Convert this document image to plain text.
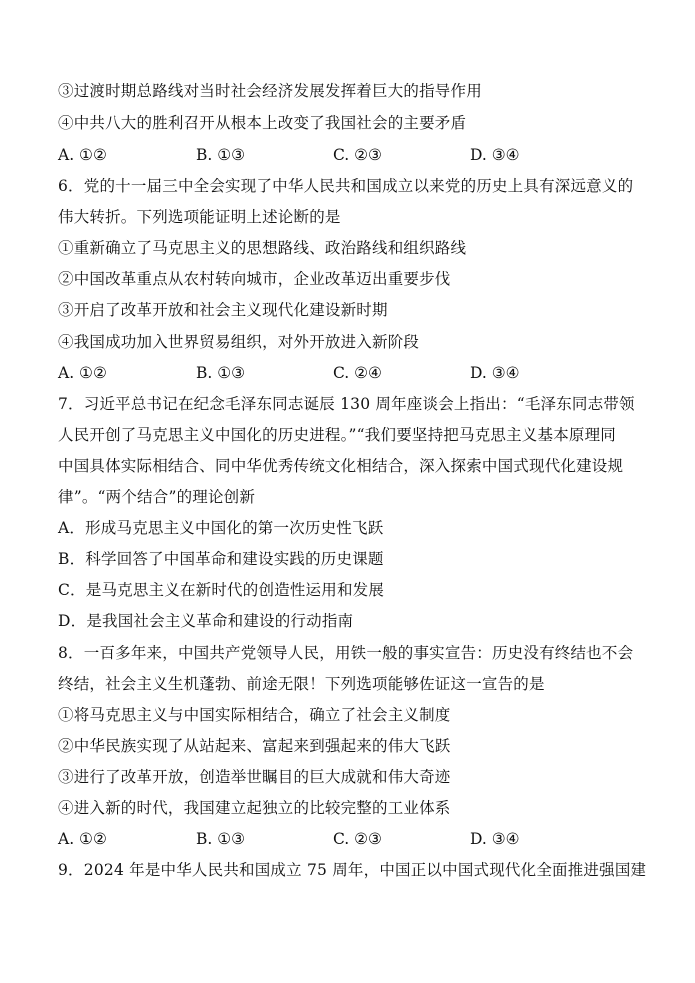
③过渡时期总路线对当时社会经济发展发挥着巨大的指导作用
④中共八大的胜利召开从根本上改变了我国社会的主要矛盾
A. ①②	B. ①③	C. ②③	D. ③④
6．党的十一届三中全会实现了中华人民共和国成立以来党的历史上具有深远意义的
伟大转折。下列选项能证明上述论断的是
①重新确立了马克思主义的思想路线、政治路线和组织路线
②中国改革重点从农村转向城市，企业改革迈出重要步伐
③开启了改革开放和社会主义现代化建设新时期
④我国成功加入世界贸易组织，对外开放进入新阶段
A. ①②	B. ①③	C. ②④	D. ③④
7．习近平总书记在纪念毛泽东同志诞辰 130 周年座谈会上指出：“毛泽东同志带领
人民开创了马克思主义中国化的历史进程。”“我们要坚持把马克思主义基本原理同
中国具体实际相结合、同中华优秀传统文化相结合，深入探索中国式现代化建设规
律”。“两个结合”的理论创新
A．形成马克思主义中国化的第一次历史性飞跃
B．科学回答了中国革命和建设实践的历史课题
C．是马克思主义在新时代的创造性运用和发展
D．是我国社会主义革命和建设的行动指南
8．一百多年来，中国共产党领导人民，用铁一般的事实宣告：历史没有终结也不会
终结，社会主义生机蓬勃、前途无限！下列选项能够佐证这一宣告的是
①将马克思主义与中国实际相结合，确立了社会主义制度
②中华民族实现了从站起来、富起来到强起来的伟大飞跃
③进行了改革开放，创造举世瞩目的巨大成就和伟大奇迹
④进入新的时代，我国建立起独立的比较完整的工业体系
A. ①②	B. ①③	C. ②③	D. ③④
9．2024 年是中华人民共和国成立 75 周年，中国正以中国式现代化全面推进强国建
